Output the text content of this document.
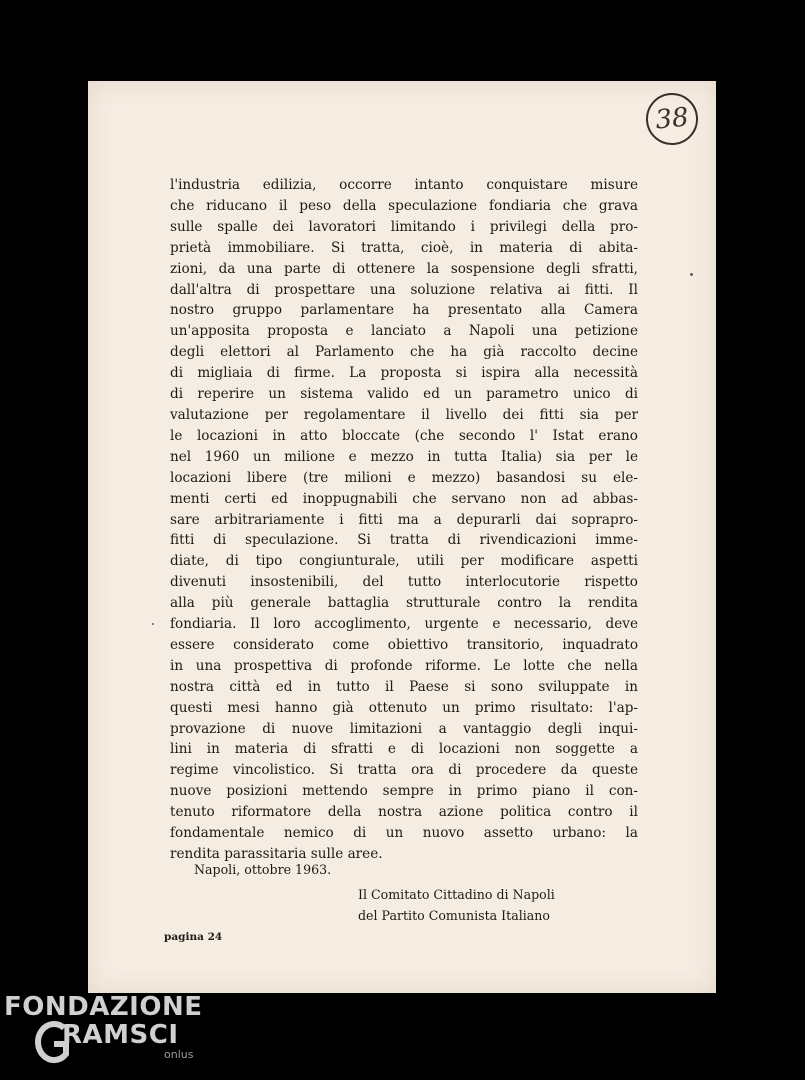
38
l'industria edilizia, occorre intanto conquistare misure
che riducano il peso della speculazione fondiaria che grava
sulle spalle dei lavoratori limitando i privilegi della pro-
prietà immobiliare. Si tratta, cioè, in materia di abita-
zioni, da una parte di ottenere la sospensione degli sfratti,
dall'altra di prospettare una soluzione relativa ai fitti. Il
nostro gruppo parlamentare ha presentato alla Camera
un'apposita proposta e lanciato a Napoli una petizione
degli elettori al Parlamento che ha già raccolto decine
di migliaia di firme. La proposta si ispira alla necessità
di reperire un sistema valido ed un parametro unico di
valutazione per regolamentare il livello dei fitti sia per
le locazioni in atto bloccate (che secondo l' Istat erano
nel 1960 un milione e mezzo in tutta Italia) sia per le
locazioni libere (tre milioni e mezzo) basandosi su ele-
menti certi ed inoppugnabili che servano non ad abbas-
sare arbitrariamente i fitti ma a depurarli dai soprapro-
fitti di speculazione. Si tratta di rivendicazioni imme-
diate, di tipo congiunturale, utili per modificare aspetti
divenuti insostenibili, del tutto interlocutorie rispetto
alla più generale battaglia strutturale contro la rendita
fondiaria. Il loro accoglimento, urgente e necessario, deve
essere considerato come obiettivo transitorio, inquadrato
in una prospettiva di profonde riforme. Le lotte che nella
nostra città ed in tutto il Paese si sono sviluppate in
questi mesi hanno già ottenuto un primo risultato: l'ap-
provazione di nuove limitazioni a vantaggio degli inqui-
lini in materia di sfratti e di locazioni non soggette a
regime vincolistico. Si tratta ora di procedere da queste
nuove posizioni mettendo sempre in primo piano il con-
tenuto riformatore della nostra azione politica contro il
fondamentale nemico di un nuovo assetto urbano: la
rendita parassitaria sulle aree.
Napoli, ottobre 1963.
Il Comitato Cittadino di Napoli
del Partito Comunista Italiano
pagina 24
FONDAZIONE
RAMSCI
onlus
